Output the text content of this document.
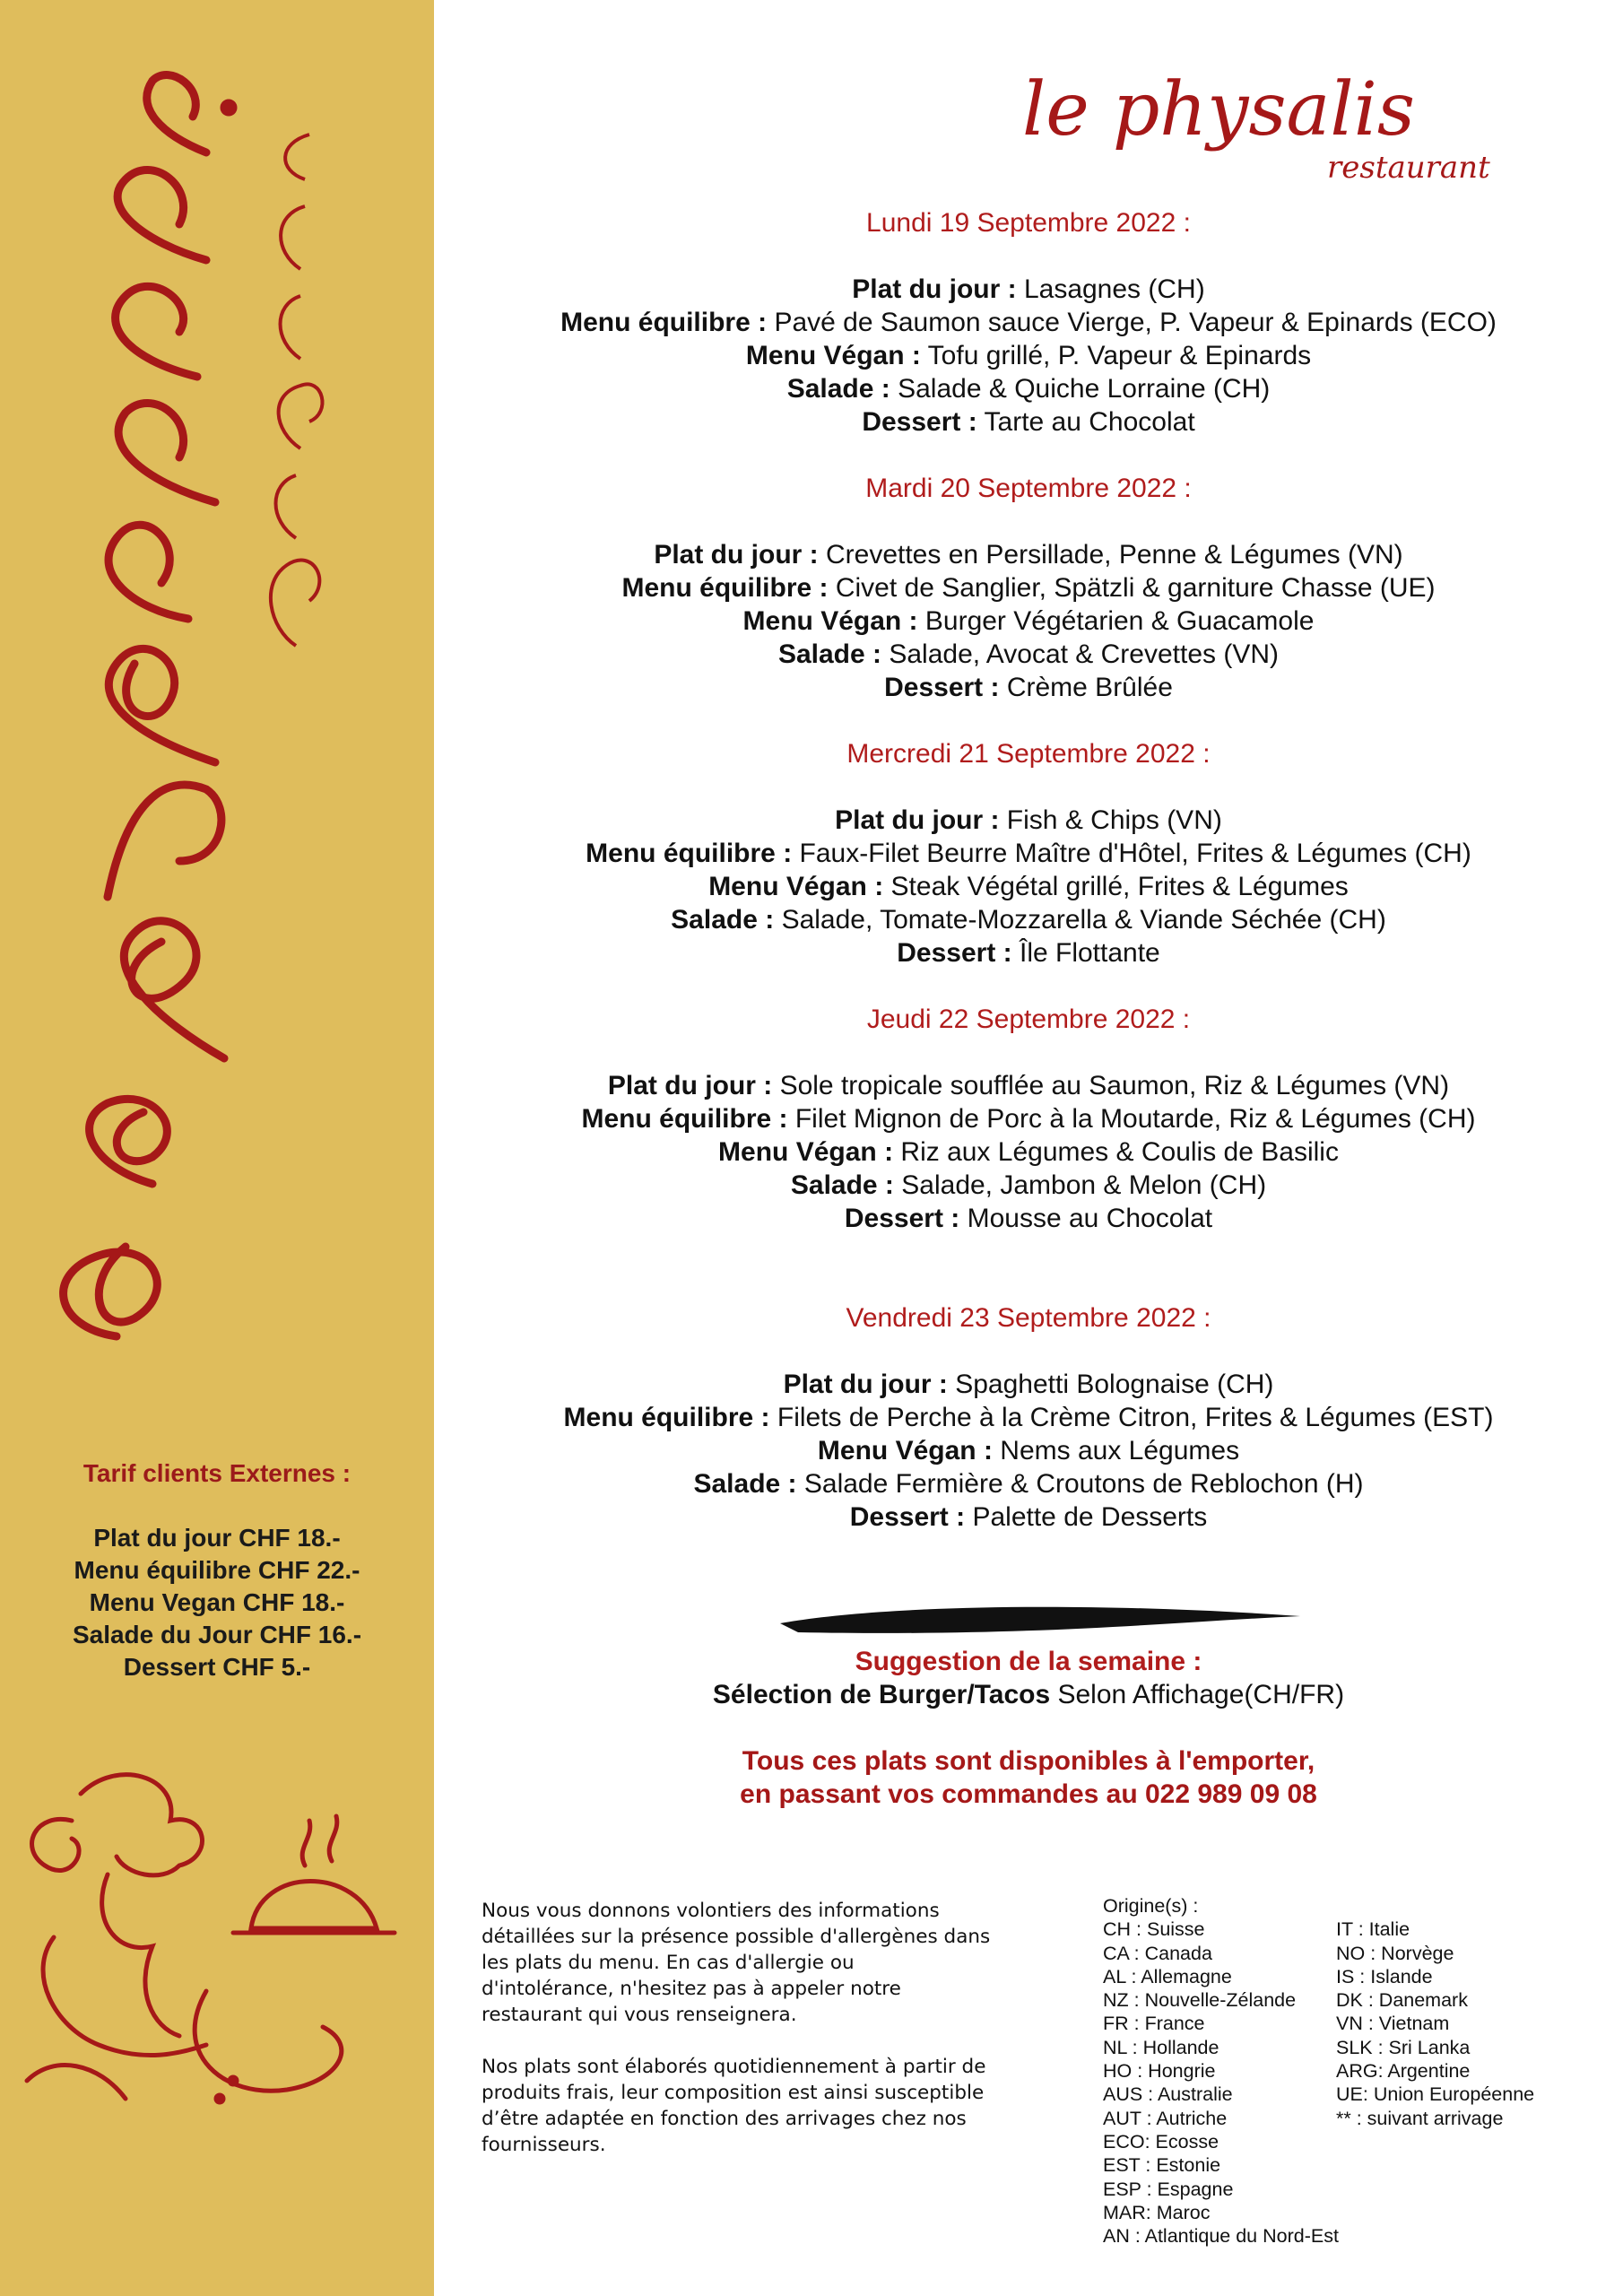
Tarif clients Externes :
Plat du jour CHF 18.-
Menu équilibre CHF 22.-
Menu Vegan CHF 18.-
Salade du Jour CHF 16.-
Dessert CHF 5.-
le physalis
restaurant
Lundi 19 Septembre 2022 :
Plat du jour : Lasagnes (CH)
Menu équilibre : Pavé de Saumon sauce Vierge, P. Vapeur & Epinards (ECO)
Menu Végan : Tofu grillé, P. Vapeur & Epinards
Salade : Salade & Quiche Lorraine (CH)
Dessert : Tarte au Chocolat
Mardi 20 Septembre 2022 :
Plat du jour : Crevettes en Persillade, Penne & Légumes (VN)
Menu équilibre : Civet de Sanglier, Spätzli & garniture Chasse (UE)
Menu Végan : Burger Végétarien & Guacamole
Salade : Salade, Avocat & Crevettes (VN)
Dessert : Crème Brûlée
Mercredi 21 Septembre 2022 :
Plat du jour : Fish & Chips (VN)
Menu équilibre : Faux-Filet Beurre Maître d'Hôtel, Frites & Légumes (CH)
Menu Végan : Steak Végétal grillé, Frites & Légumes
Salade : Salade, Tomate-Mozzarella & Viande Séchée (CH)
Dessert : Île Flottante
Jeudi 22 Septembre 2022 :
Plat du jour : Sole tropicale soufflée au Saumon, Riz & Légumes (VN)
Menu équilibre : Filet Mignon de Porc à la Moutarde, Riz & Légumes (CH)
Menu Végan : Riz aux Légumes & Coulis de Basilic
Salade : Salade, Jambon & Melon (CH)
Dessert : Mousse au Chocolat
Vendredi 23 Septembre 2022 :
Plat du jour : Spaghetti Bolognaise (CH)
Menu équilibre : Filets de Perche à la Crème Citron, Frites & Légumes (EST)
Menu Végan : Nems aux Légumes
Salade : Salade Fermière & Croutons de Reblochon (H)
Dessert : Palette de Desserts
Suggestion de la semaine :
Sélection de Burger/Tacos Selon Affichage(CH/FR)
Tous ces plats sont disponibles à l'emporter,
en passant vos commandes au 022 989 09 08

Nous vous donnons volontiers des informations
détaillées sur la présence possible d'allergènes dans
les plats du menu. En cas d'allergie ou
d'intolérance, n'hesitez pas à appeler notre
restaurant qui vous renseignera.

Nos plats sont élaborés quotidiennement à partir de
produits frais, leur composition est ainsi susceptible
d’être adaptée en fonction des arrivages chez nos
fournisseurs.

Origine(s) :
CH : Suisse
CA : Canada
AL : Allemagne
NZ : Nouvelle-Zélande
FR : France
NL : Hollande
HO : Hongrie
AUS : Australie
AUT : Autriche
ECO: Ecosse
EST : Estonie
ESP : Espagne
MAR: Maroc
AN : Atlantique du Nord-Est
IT : Italie
NO : Norvège
IS : Islande
DK : Danemark
VN : Vietnam
SLK : Sri Lanka
ARG: Argentine
UE: Union Européenne
** : suivant arrivage
